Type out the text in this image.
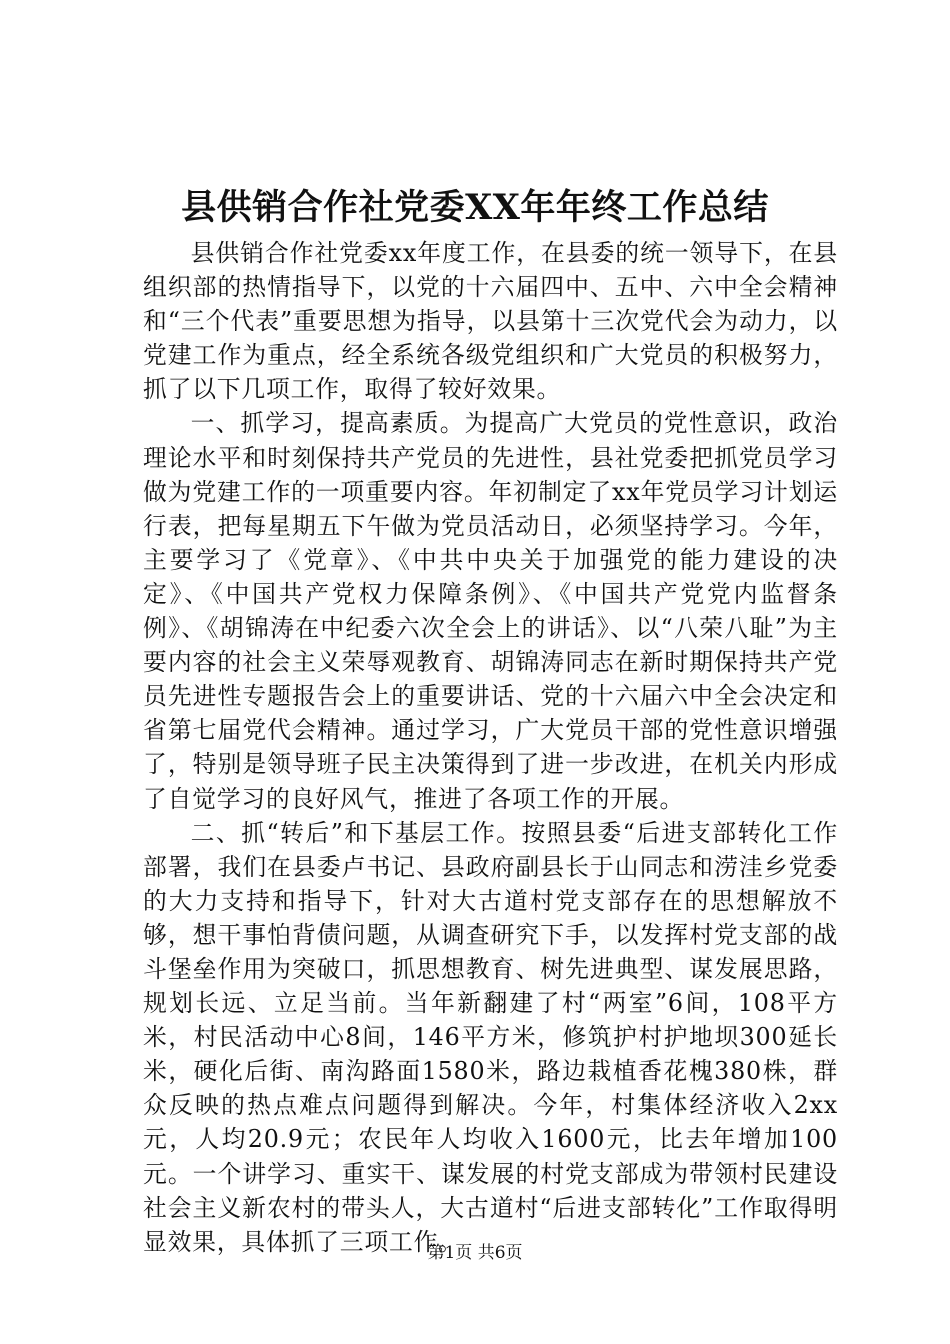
县供销合作社党委XX年年终工作总结

县供销合作社党委xx年度工作，在县委的统一领导下，在县组织部的热情指导下，以党的十六届四中、五中、六中全会精神和“三个代表”重要思想为指导，以县第十三次党代会为动力，以党建工作为重点，经全系统各级党组织和广大党员的积极努力，抓了以下几项工作，取得了较好效果。

一、抓学习，提高素质。为提高广大党员的党性意识，政治理论水平和时刻保持共产党员的先进性，县社党委把抓党员学习做为党建工作的一项重要内容。年初制定了xx年党员学习计划运行表，把每星期五下午做为党员活动日，必须坚持学习。今年，主要学习了《党章》、《中共中央关于加强党的能力建设的决定》、《中国共产党权力保障条例》、《中国共产党党内监督条例》、《胡锦涛在中纪委六次全会上的讲话》、以“八荣八耻”为主要内容的社会主义荣辱观教育、胡锦涛同志在新时期保持共产党员先进性专题报告会上的重要讲话、党的十六届六中全会决定和省第七届党代会精神。通过学习，广大党员干部的党性意识增强了，特别是领导班子民主决策得到了进一步改进，在机关内形成了自觉学习的良好风气，推进了各项工作的开展。

二、抓“转后”和下基层工作。按照县委“后进支部转化工作部署，我们在县委卢书记、县政府副县长于山同志和涝洼乡党委的大力支持和指导下，针对大古道村党支部存在的思想解放不够，想干事怕背债问题，从调查研究下手，以发挥村党支部的战斗堡垒作用为突破口，抓思想教育、树先进典型、谋发展思路，规划长远、立足当前。当年新翻建了村“两室”6间，108平方米，村民活动中心8间，146平方米，修筑护村护地坝300延长米，硬化后街、南沟路面1580米，路边栽植香花槐380株，群众反映的热点难点问题得到解决。今年，村集体经济收入2xx元，人均20.9元；农民年人均收入1600元，比去年增加100元。一个讲学习、重实干、谋发展的村党支部成为带领村民建设社会主义新农村的带头人，大古道村“后进支部转化”工作取得明显效果，具体抓了三项工作。

第1页 共6页
